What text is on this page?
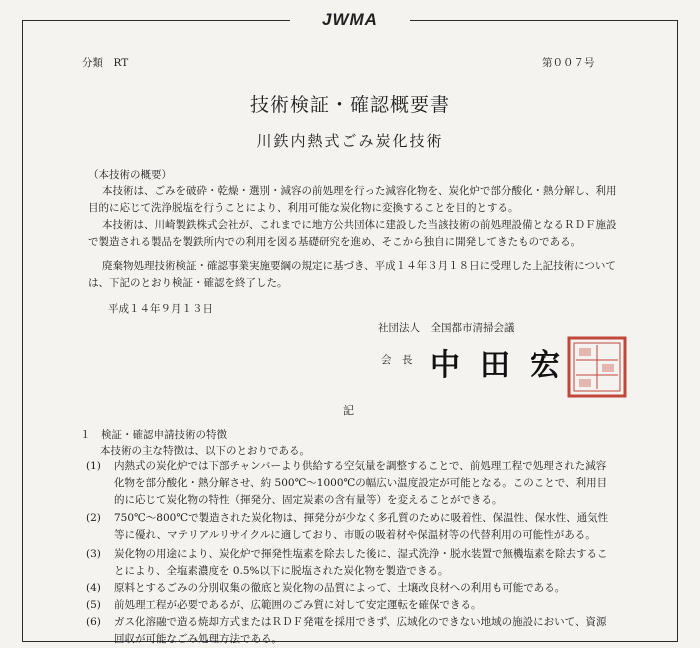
JWMA
分類　RT	第００７号
技術検証・確認概要書
川鉄内熱式ごみ炭化技術
（本技術の概要）
本技術は、ごみを破砕・乾燥・選別・減容の前処理を行った減容化物を、炭化炉で部分酸化・熱分解し、利用目的に応じて洗浄脱塩を行うことにより、利用可能な炭化物に変換することを目的とする。
本技術は、川崎製鉄株式会社が、これまでに地方公共団体に建設した当該技術の前処理設備となるＲＤＦ施設で製造される製品を製鉄所内での利用を図る基礎研究を進め、そこから独自に開発してきたものである。
廃棄物処理技術検証・確認事業実施要綱の規定に基づき、平成１４年３月１８日に受理した上記技術については、下記のとおり検証・確認を終了した。
平成１４年９月１３日
社団法人　全国都市清掃会議
会　長 中田宏
記
１　検証・確認申請技術の特徴
本技術の主な特徴は、以下のとおりである。
(1)	内熱式の炭化炉では下部チャンバーより供給する空気量を調整することで、前処理工程で処理された減容化物を部分酸化・熱分解させ、約 500℃〜1000℃の幅広い温度設定が可能となる。このことで、利用目的に応じて炭化物の特性（揮発分、固定炭素の含有量等）を変えることができる。
(2)	750℃〜800℃で製造された炭化物は、揮発分が少なく多孔質のために吸着性、保温性、保水性、通気性等に優れ、マテリアルリサイクルに適しており、市販の吸着材や保温材等の代替利用の可能性がある。
(3)	炭化物の用途により、炭化炉で揮発性塩素を除去した後に、湿式洗浄・脱水装置で無機塩素を除去することにより、全塩素濃度を 0.5%以下に脱塩された炭化物を製造できる。
(4)	原料とするごみの分別収集の徹底と炭化物の品質によって、土壌改良材への利用も可能である。
(5)	前処理工程が必要であるが、広範囲のごみ質に対して安定運転を確保できる。
(6)	ガス化溶融で造る焼却方式またはＲＤＦ発電を採用できず、広域化のできない地域の施設において、資源回収が可能なごみ処理方法である。
